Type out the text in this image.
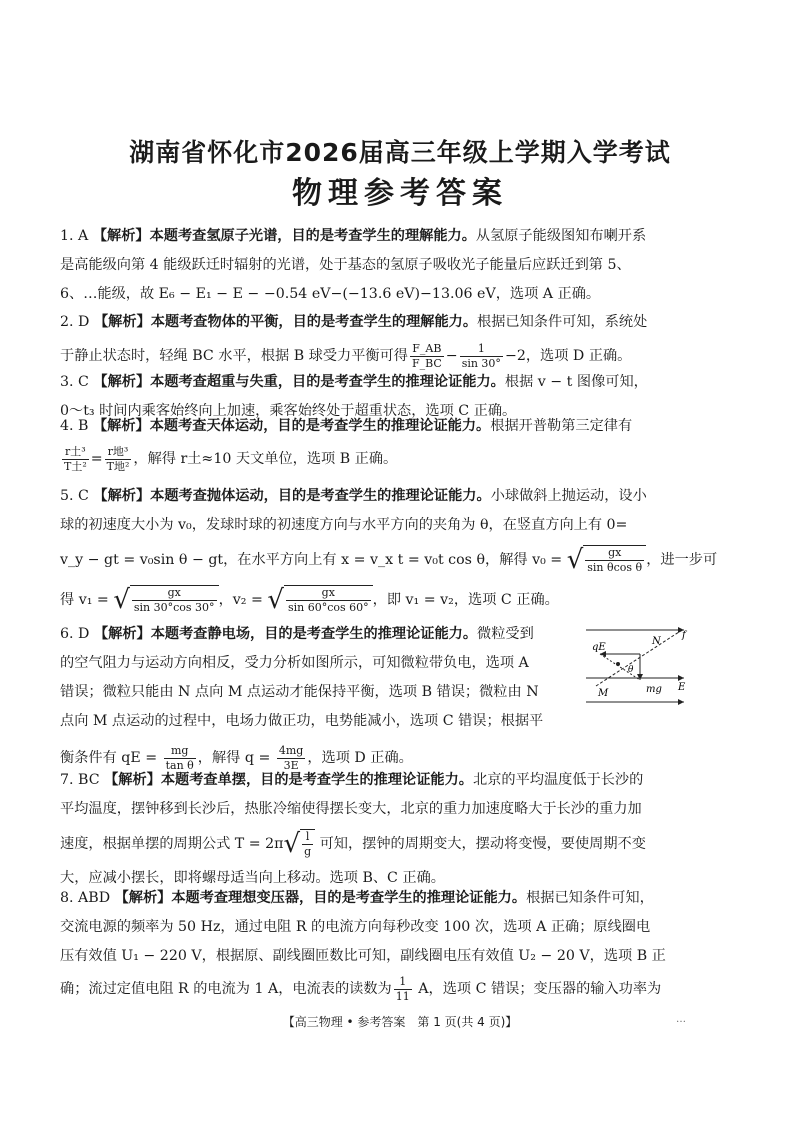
湖南省怀化市2026届高三年级上学期入学考试
物理参考答案
1. A 【解析】本题考查氢原子光谱，目的是考查学生的理解能力。从氢原子能级图知布喇开系
是高能级向第 4 能级跃迁时辐射的光谱，处于基态的氢原子吸收光子能量后应跃迁到第 5、
6、…能级，故 E₆ − E₁ − E − −0.54 eV−(−13.6 eV)−13.06 eV，选项 A 正确。
2. D 【解析】本题考查物体的平衡，目的是考查学生的理解能力。根据已知条件可知，系统处
于静止状态时，轻绳 BC 水平，根据 B 球受力平衡可得 $\frac{F\_AB}{F\_BC} - \frac{1}{\sin 30^\circ} -2$，选项 D 正确。
3. C 【解析】本题考查超重与失重，目的是考查学生的推理论证能力。根据 v − t 图像可知，
0～t₃ 时间内乘客始终向上加速，乘客始终处于超重状态，选项 C 正确。
4. B 【解析】本题考查天体运动，目的是考查学生的推理论证能力。根据开普勒第三定律有
$\frac{\text{r土³}}{\text{T土²}} = \frac{\text{r地³}}{\text{T地²}}$ ，解得 r土≈10 天文单位，选项 B 正确。
5. C 【解析】本题考查抛体运动，目的是考查学生的推理论证能力。小球做斜上抛运动，设小
球的初速度大小为 v₀，发球时球的初速度方向与水平方向的夹角为 θ，在竖直方向上有 0=
v_y − gt = v₀sin θ − gt，在水平方向上有 x = v_x t = v₀t cos θ，解得 v₀ = √ $\frac{gx}{\text{sin θcos θ}}$ ，进一步可
得 v₁ = √ $\frac{gx}{\sin 30^\circ\cos 30^\circ}$ ，v₂ = √ $\frac{gx}{\sin 60^\circ\cos 60^\circ}$ ，即 v₁ = v₂，选项 C 正确。
6. D 【解析】本题考查静电场，目的是考查学生的推理论证能力。微粒受到
的空气阻力与运动方向相反，受力分析如图所示，可知微粒带负电，选项 A
错误；微粒只能由 N 点向 M 点运动才能保持平衡，选项 B 错误；微粒由 N
点向 M 点运动的过程中，电场力做正功，电势能减小，选项 C 错误；根据平
衡条件有 qE = $\frac{mg}{\text{tan θ}}$ ，解得 $q = \frac{4mg}{3E}$ ，选项 D 正确。
qE
N
f
θ
M	mg E
7. BC 【解析】本题考查单摆，目的是考查学生的推理论证能力。北京的平均温度低于长沙的
平均温度，摆钟移到长沙后，热胀冷缩使得摆长变大，北京的重力加速度略大于长沙的重力加
速度，根据单摆的周期公式 $T = 2\pi√ \frac{l}{g}$ 可知，摆钟的周期变大，摆动将变慢，要使周期不变
大，应减小摆长，即将螺母适当向上移动。选项 B、C 正确。
8. ABD 【解析】本题考查理想变压器，目的是考查学生的推理论证能力。根据已知条件可知，
交流电源的频率为 50 Hz，通过电阻 R 的电流方向每秒改变 100 次，选项 A 正确；原线圈电
压有效值 U₁ − 220 V，根据原、副线圈匝数比可知，副线圈电压有效值 U₂ − 20 V，选项 B 正
确；流过定值电阻 R 的电流为 1 A，电流表的读数为 $\frac{1}{11}$ A，选项 C 错误；变压器的输入功率为
【高三物理 • 参考答案　第 1 页(共 4 页)】	…
